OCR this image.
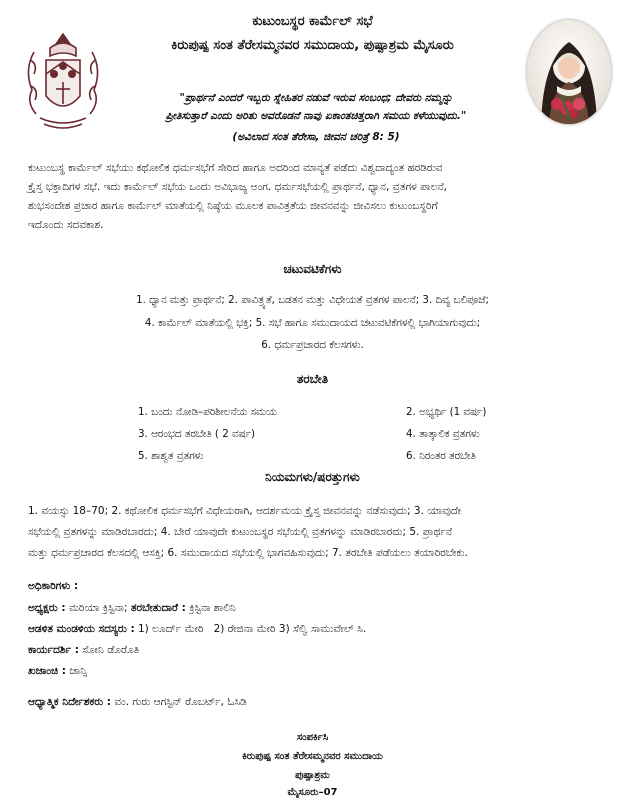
ಕುಟುಂಬಸ್ಥರ ಕಾರ್ಮೆಲ್ ಸಭೆ
ಕಿರುಪುಷ್ಪ ಸಂತ ತೆರೇಸಮ್ಮನವರ ಸಮುದಾಯ, ಪುಷ್ಪಾಶ್ರಮ ಮೈಸೂರು
"ಪ್ರಾರ್ಥನೆ ಎಂದರೆ ಇಬ್ಬರು ಸ್ನೇಹಿತರ ನಡುವೆ ಇರುವ ಸಂಬಂಧ; ದೇವರು ನಮ್ಮನ್ನು
ಪ್ರೀತಿಸುತ್ತಾರೆ ಎಂದು ಅರಿತು ಅವರೊಡನೆ ನಾವು ಏಕಾಂತಚಿತ್ತರಾಗಿ ಸಮಯ ಕಳೆಯುವುದು."
(ಅವಿಲಾದ ಸಂತ ತೆರೇಸಾ, ಜೀವನ ಚರಿತ್ರೆ 8: 5)
ಕುಟುಂಬಸ್ಥ ಕಾರ್ಮೆಲ್ ಸಭೆಯು ಕಥೋಲಿಕ ಧರ್ಮಸಭೆಗೆ ಸೇರಿದ ಹಾಗೂ ಅದರಿಂದ ಮಾನ್ಯತೆ ಪಡೆದು ವಿಶ್ವದಾದ್ಯಂತ ಹರಡಿರುವ
ಕ್ರೈಸ್ತ ಭಕ್ತಾದಿಗಳ ಸಭೆ. ಇದು ಕಾರ್ಮೆಲ್ ಸಭೆಯ ಒಂದು ಅವಿಭಾಜ್ಯ ಅಂಗ. ಧರ್ಮಸಭೆಯಲ್ಲಿ ಪ್ರಾರ್ಥನೆ, ಧ್ಯಾನ, ವ್ರತಗಳ ಪಾಲನೆ,
ಶುಭಸಂದೇಶ ಪ್ರಚಾರ ಹಾಗೂ ಕಾರ್ಮೆಲ್ ಮಾತೆಯಲ್ಲಿ ನಿಷ್ಠೆಯ ಮೂಲಕ ಪಾವಿತ್ರತೆಯ ಜೀವನವನ್ನು ಜೀವಿಸಲು ಕುಟುಂಬಸ್ಥರಿಗೆ
ಇದೊಂದು ಸದವಕಾಶ.
ಚಟುವಟಿಕೆಗಳು
1. ಧ್ಯಾನ ಮತ್ತು ಪ್ರಾರ್ಥನೆ; 2. ಪಾವಿತ್ರ್ಯತೆ, ಬಡತನ ಮತ್ತು ವಿಧೇಯತೆ ವ್ರತಗಳ ಪಾಲನೆ; 3. ದಿವ್ಯ ಬಲಿಪೂಜೆ;
4. ಕಾರ್ಮೆಲ್ ಮಾತೆಯಲ್ಲಿ ಭಕ್ತಿ; 5. ಸಭೆ ಹಾಗೂ ಸಮುದಾಯದ ಚಟುವಟಿಕೆಗಳಲ್ಲಿ ಭಾಗಿಯಾಗುವುದು;
6. ಧರ್ಮಪ್ರಚಾರದ ಕೆಲಸಗಳು.
ತರಬೇತಿ
1. ಬಂದು ನೋಡಿ–ಪರಿಶೀಲನೆಯ ಸಮಯ	2. ಅಭ್ಯರ್ಥಿ (1 ವರ್ಷ)
3. ಆರಂಭದ ತರಬೇತಿ ( 2 ವರ್ಷ)	4. ತಾತ್ಕಾಲಿಕ ವ್ರತಗಳು
5. ಶಾಶ್ವತ ವ್ರತಗಳು	6. ನಿರಂತರ ತರಬೇತಿ
ನಿಯಮಗಳು/ಷರತ್ತುಗಳು
1. ವಯಸ್ಸು 18–70; 2. ಕಥೋಲಿಕ ಧರ್ಮಸಭೆಗೆ ವಿಧೇಯರಾಗಿ, ಆದರ್ಶಮಯ ಕ್ರೈಸ್ತ ಜೀವನವನ್ನು ನಡೆಸುವುದು; 3. ಯಾವುದೇ
ಸಭೆಯಲ್ಲಿ ವ್ರತಗಳನ್ನು ಮಾಡಿರಬಾರದು; 4. ಬೇರೆ ಯಾವುದೇ ಕುಟುಂಬಸ್ಥರ ಸಭೆಯಲ್ಲಿ ವ್ರತಗಳನ್ನು ಮಾಡಿರಬಾರದು; 5. ಪ್ರಾರ್ಥನೆ
ಮತ್ತು ಧರ್ಮಪ್ರಚಾರದ ಕೆಲಸದಲ್ಲಿ ಆಸಕ್ತಿ; 6. ಸಮುದಾಯದ ಸಭೆಯಲ್ಲಿ ಭಾಗವಹಿಸುವುದು; 7. ತರಬೇತಿ ಪಡೆಯಲು ತಯಾರಿರಬೇಕು.
ಅಧಿಕಾರಿಗಳು :
ಅಧ್ಯಕ್ಷರು : ಮರಿಯಾ ಕ್ರಿಸ್ಟಿನಾ; ತರಬೇತುದಾರೆ : ಕ್ರಿಸ್ಟಿನಾ ಶಾಲಿನಿ
ಆಡಳಿತ ಮಂಡಳಿಯ ಸದಸ್ಯರು : 1) ಲೂರ್ದ್ ಮೇರಿ   2) ರೇಜಿನಾ ಮೇರಿ 3) ಸೆಲ್ವಿ ಸಾಮುವೇಲ್ ಸಿ.
ಕಾರ್ಯದರ್ಶಿ : ಸೋನಿ ಡೊರೊತಿ
ಖಜಾಂಚಿ : ಜಾನ್ಸಿ
ಆಧ್ಯಾತ್ಮಿಕ ನಿರ್ದೇಶಕರು : ವಂ. ಗುರು ಆಗಸ್ಟಿನ್ ರೊಬರ್ಟ್, ಓಸಿಡಿ
ಸಂಪರ್ಕಿಸಿ
ಕಿರುಪುಷ್ಪ ಸಂತ ತೆರೇಸಮ್ಮನವರ ಸಮುದಾಯ
ಪುಷ್ಪಾಶ್ರಮ
ಮೈಸೂರು–07
